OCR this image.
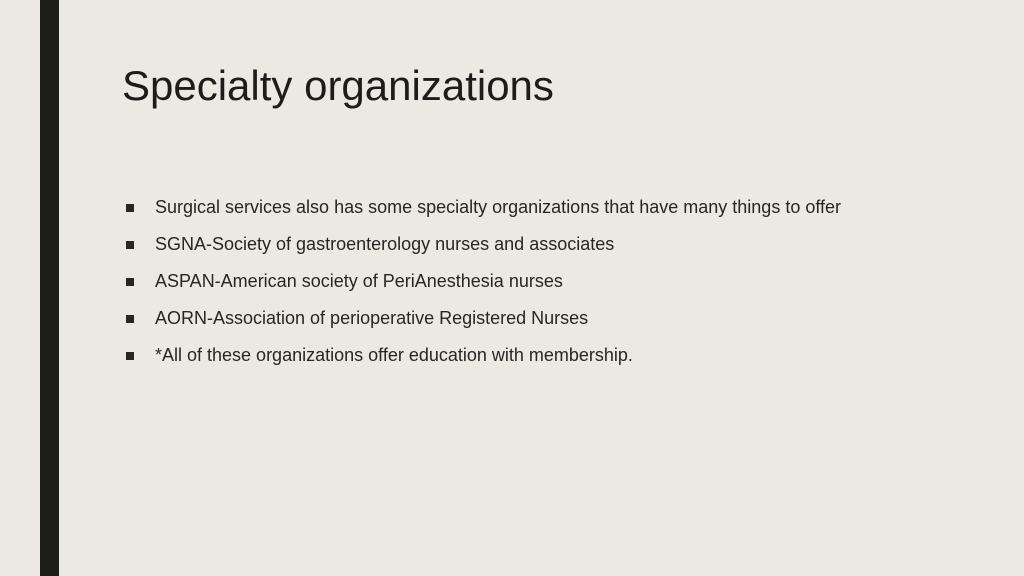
Specialty organizations
Surgical services also has some specialty organizations that have many things to offer
SGNA-Society of gastroenterology nurses and associates
ASPAN-American society of PeriAnesthesia nurses
AORN-Association of perioperative Registered Nurses
*All of these organizations offer education with membership.
